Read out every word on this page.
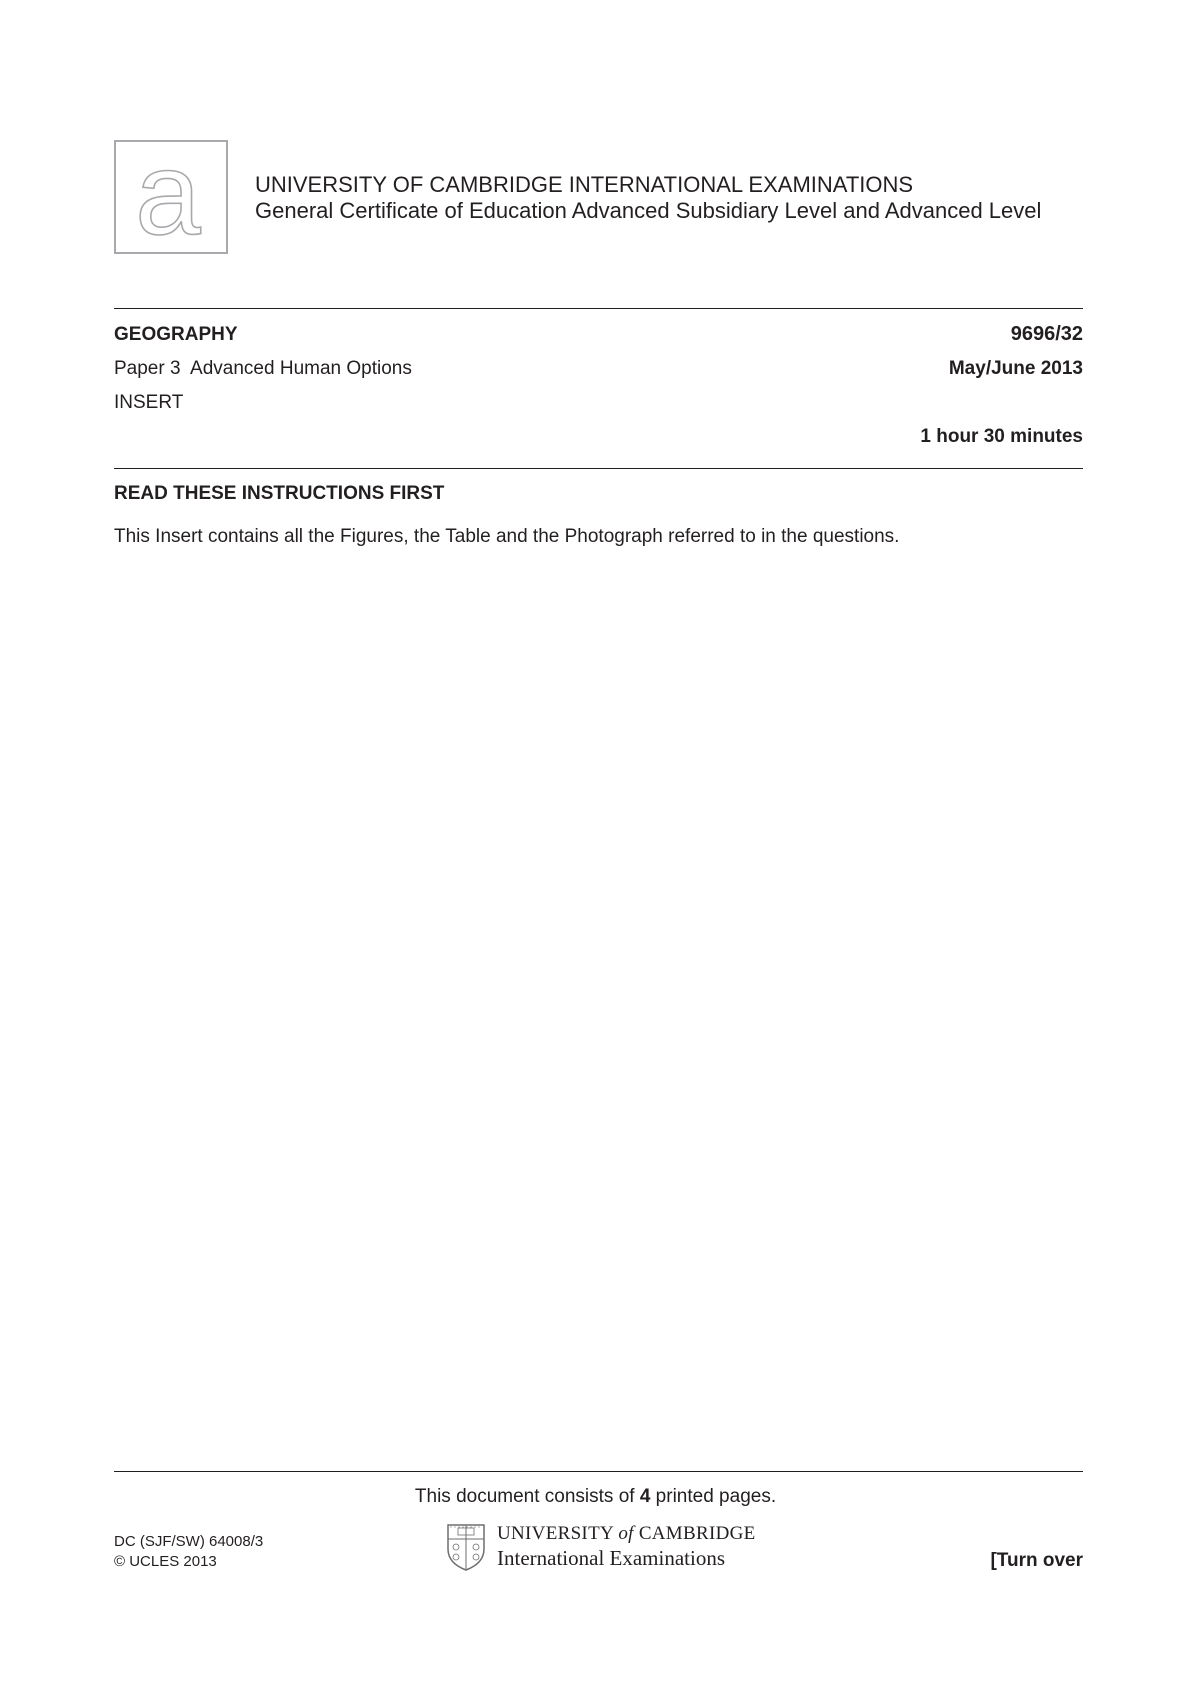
a UNIVERSITY OF CAMBRIDGE INTERNATIONAL EXAMINATIONS
General Certificate of Education Advanced Subsidiary Level and Advanced Level
GEOGRAPHY	9696/32
Paper 3  Advanced Human Options	May/June 2013
INSERT
1 hour 30 minutes
READ THESE INSTRUCTIONS FIRST
This Insert contains all the Figures, the Table and the Photograph referred to in the questions.
This document consists of 4 printed pages.
DC (SJF/SW) 64008/3
© UCLES 2013
UNIVERSITY of CAMBRIDGE
International Examinations	[Turn over
